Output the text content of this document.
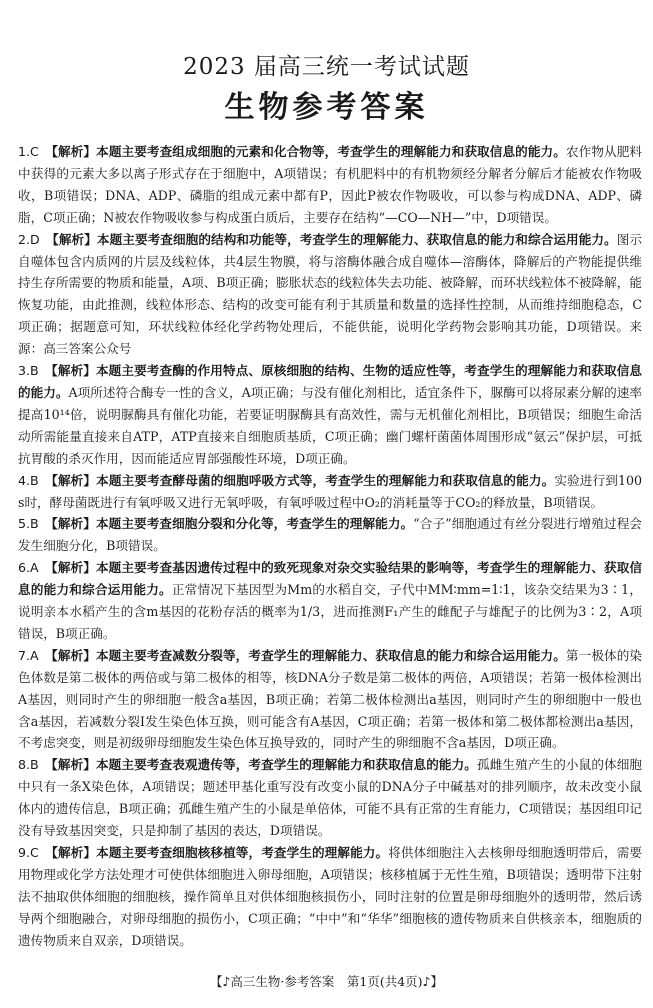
2023 届高三统一考试试题
生物参考答案

1.C　 【解析】本题主要考查组成细胞的元素和化合物等，考查学生的理解能力和获取信息的能力。农作物从肥料中获得的元素大多以离子形式存在于细胞中，A项错误；有机肥料中的有机物须经分解者分解后才能被农作物吸收，B项错误；DNA、ADP、磷脂的组成元素中都有P，因此P被农作物吸收，可以参与构成DNA、ADP、磷脂，C项正确；N被农作物吸收参与构成蛋白质后，主要存在结构“—CO—NH—”中，D项错误。

2.D　 【解析】本题主要考查细胞的结构和功能等，考查学生的理解能力、获取信息的能力和综合运用能力。图示自噬体包含内质网的片层及线粒体，共4层生物膜，将与溶酶体融合成自噬体—溶酶体，降解后的产物能提供维持生存所需要的物质和能量，A项、B项正确；膨胀状态的线粒体失去功能、被降解，而环状线粒体不被降解，能恢复功能，由此推测，线粒体形态、结构的改变可能有利于其质量和数量的选择性控制，从而维持细胞稳态，C项正确；据题意可知，环状线粒体经化学药物处理后，不能供能，说明化学药物会影响其功能，D项错误。来源：高三答案公众号

3.B　 【解析】本题主要考查酶的作用特点、原核细胞的结构、生物的适应性等，考查学生的理解能力和获取信息的能力。A项所述符合酶专一性的含义，A项正确；与没有催化剂相比，适宜条件下，脲酶可以将尿素分解的速率提高10¹⁴倍，说明脲酶具有催化功能，若要证明脲酶具有高效性，需与无机催化剂相比，B项错误；细胞生命活动所需能量直接来自ATP，ATP直接来自细胞质基质，C项正确；幽门螺杆菌菌体周围形成“氨云”保护层，可抵抗胃酸的杀灭作用，因而能适应胃部强酸性环境，D项正确。

4.B　 【解析】本题主要考查酵母菌的细胞呼吸方式等，考查学生的理解能力和获取信息的能力。实验进行到100 s时，酵母菌既进行有氧呼吸又进行无氧呼吸，有氧呼吸过程中O₂的消耗量等于CO₂的释放量，B项错误。

5.B　 【解析】本题主要考查细胞分裂和分化等，考查学生的理解能力。“合子”细胞通过有丝分裂进行增殖过程会发生细胞分化，B项错误。

6.A　 【解析】本题主要考查基因遗传过程中的致死现象对杂交实验结果的影响等，考查学生的理解能力、获取信息的能力和综合运用能力。正常情况下基因型为Mm的水稻自交，子代中MM∶mm=1∶1，该杂交结果为3∶1，说明亲本水稻产生的含m基因的花粉存活的概率为1/3，进而推测F₁产生的雌配子与雄配子的比例为3∶2，A项错误，B项正确。

7.A　 【解析】本题主要考查减数分裂等，考查学生的理解能力、获取信息的能力和综合运用能力。第一极体的染色体数是第二极体的两倍或与第二极体的相等，核DNA分子数是第二极体的两倍，A项错误；若第一极体检测出A基因，则同时产生的卵细胞一般含a基因，B项正确；若第二极体检测出a基因，则同时产生的卵细胞中一般也含a基因，若减数分裂Ⅰ发生染色体互换，则可能含有A基因，C项正确；若第一极体和第二极体都检测出a基因，不考虑突变，则是初级卵母细胞发生染色体互换导致的，同时产生的卵细胞不含a基因，D项正确。

8.B　 【解析】本题主要考查表观遗传等，考查学生的理解能力和获取信息的能力。孤雌生殖产生的小鼠的体细胞中只有一条X染色体，A项错误；题述甲基化重写没有改变小鼠的DNA分子中碱基对的排列顺序，故未改变小鼠体内的遗传信息，B项正确；孤雌生殖产生的小鼠是单倍体，可能不具有正常的生育能力，C项错误；基因组印记没有导致基因突变，只是抑制了基因的表达，D项错误。

9.C　 【解析】本题主要考查细胞核移植等，考查学生的理解能力。将供体细胞注入去核卵母细胞透明带后，需要用物理或化学方法处理才可使供体细胞进入卵母细胞，A项错误；核移植属于无性生殖，B项错误；透明带下注射法不抽取供体细胞的细胞核，操作简单且对供体细胞核损伤小，同时注射的位置是卵母细胞外的透明带，然后诱导两个细胞融合，对卵母细胞的损伤小，C项正确；“中中”和“华华”细胞核的遗传物质来自供核亲本，细胞质的遗传物质来自双亲，D项错误。

【♪高三生物·参考答案　第1页(共4页)♪】
